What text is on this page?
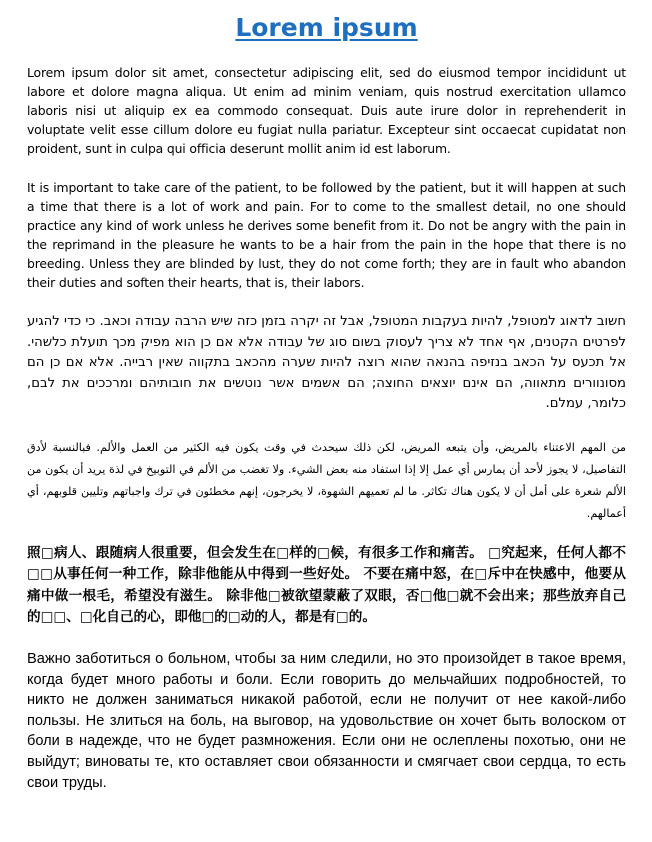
Lorem ipsum

Lorem ipsum dolor sit amet, consectetur adipiscing elit, sed do eiusmod tempor incididunt ut labore et dolore magna aliqua. Ut enim ad minim veniam, quis nostrud exercitation ullamco laboris nisi ut aliquip ex ea commodo consequat. Duis aute irure dolor in reprehenderit in voluptate velit esse cillum dolore eu fugiat nulla pariatur. Excepteur sint occaecat cupidatat non proident, sunt in culpa qui officia deserunt mollit anim id est laborum.

It is important to take care of the patient, to be followed by the patient, but it will happen at such a time that there is a lot of work and pain. For to come to the smallest detail, no one should practice any kind of work unless he derives some benefit from it. Do not be angry with the pain in the reprimand in the pleasure he wants to be a hair from the pain in the hope that there is no breeding. Unless they are blinded by lust, they do not come forth; they are in fault who abandon their duties and soften their hearts, that is, their labors.

חשוב לדאוג למטופל, להיות בעקבות המטופל, אבל זה יקרה בזמן כזה שיש הרבה עבודה וכאב. כי כדי להגיע לפרטים הקטנים, אף אחד לא צריך לעסוק בשום סוג של עבודה אלא אם כן הוא מפיק מכך תועלת כלשהי. אל תכעס על הכאב בנזיפה בהנאה שהוא רוצה להיות שערה מהכאב בתקווה שאין רבייה. אלא אם כן הם מסונוורים מתאווה, הם אינם יוצאים החוצה; הם אשמים אשר נוטשים את חובותיהם ומרככים את לבם, כלומר, עמלם.

من المهم الاعتناء بالمريض، وأن يتبعه المريض، لكن ذلك سيحدث في وقت يكون فيه الكثير من العمل والألم. فبالنسبة لأدق التفاصيل، لا يجوز لأحد أن يمارس أي عمل إلا إذا استفاد منه بعض الشيء. ولا تغضب من الألم في التوبيخ في لذة يريد أن يكون من الألم شعرة على أمل أن لا يكون هناك تكاثر. ما لم تعميهم الشهوة، لا يخرجون، إنهم مخطئون في ترك واجباتهم وتليين قلوبهم، أي أعمالهم.

照□病人、跟随病人很重要，但会发生在□样的□候，有很多工作和痛苦。 □究起来，任何人都不□□从事任何一种工作，除非他能从中得到一些好处。 不要在痛中怒，在□斥中在快感中，他要从痛中做一根毛，希望没有滋生。 除非他□被欲望蒙蔽了双眼，否□他□就不会出来；那些放弃自己的□□、□化自己的心，即他□的□动的人，都是有□的。

Важно заботиться о больном, чтобы за ним следили, но это произойдет в такое время, когда будет много работы и боли. Если говорить до мельчайших подробностей, то никто не должен заниматься никакой работой, если не получит от нее какой-либо пользы. Не злиться на боль, на выговор, на удовольствие он хочет быть волоском от боли в надежде, что не будет размножения. Если они не ослеплены похотью, они не выйдут; виноваты те, кто оставляет свои обязанности и смягчает свои сердца, то есть свои труды.
